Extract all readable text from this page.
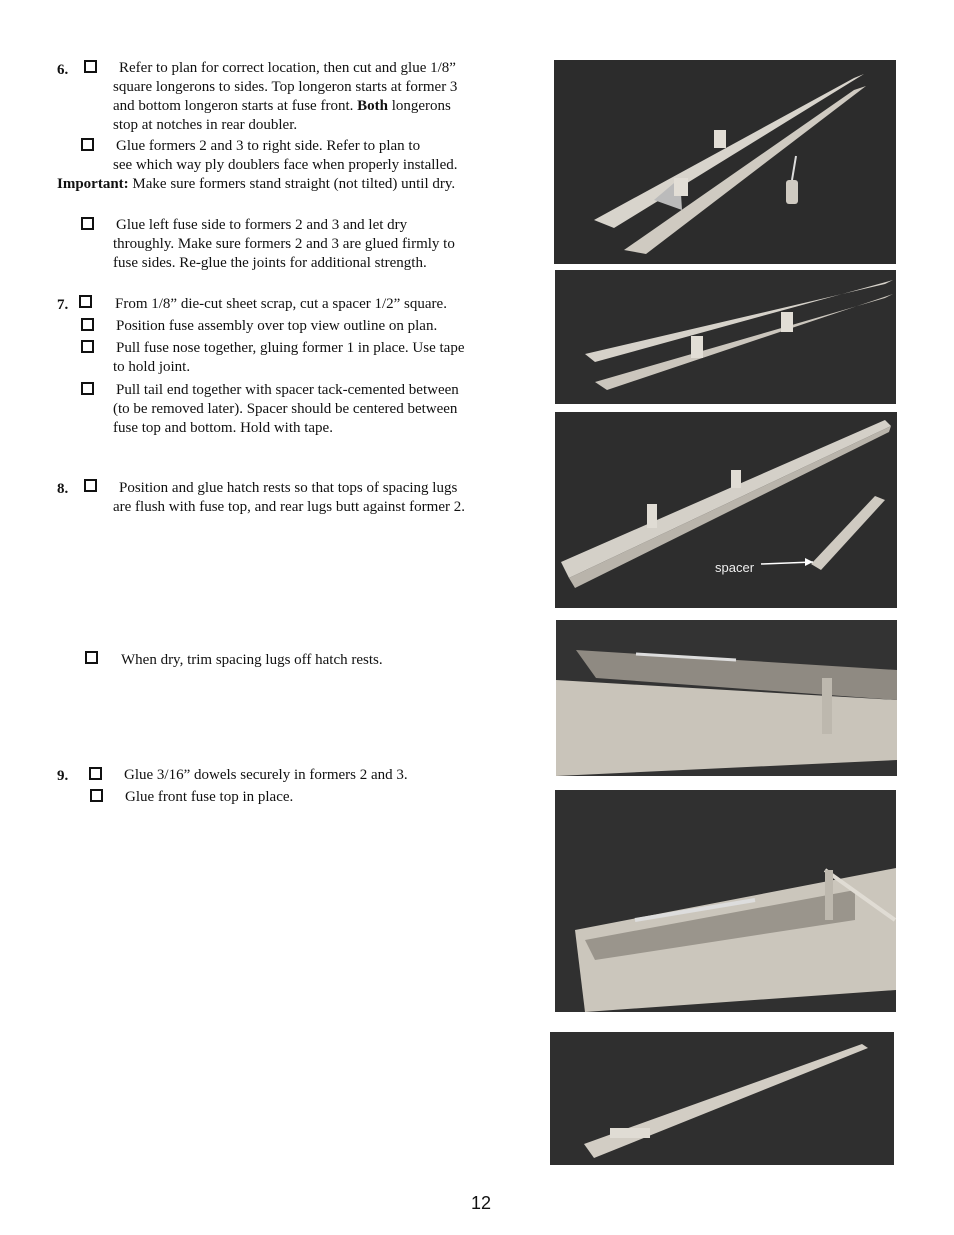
6.	Refer to plan for correct location, then cut and glue 1/8”
square longerons to sides. Top longeron starts at former 3
and bottom longeron starts at fuse front. Both longerons
stop at notches in rear doubler.
Glue formers 2 and 3 to right side. Refer to plan to
see which way ply doublers face when properly installed.
Important: Make sure formers stand straight (not tilted) until dry.
Glue left fuse side to formers 2 and 3 and let dry
throughly. Make sure formers 2 and 3 are glued firmly to
fuse sides. Re-glue the joints for additional strength.
7.	From 1/8” die-cut sheet scrap, cut a spacer 1/2” square.
Position fuse assembly over top view outline on plan.
Pull fuse nose together, gluing former 1 in place. Use tape
to hold joint.
Pull tail end together with spacer tack-cemented between
(to be removed later). Spacer should be centered between
fuse top and bottom. Hold with tape.
8.	Position and glue hatch rests so that tops of spacing lugs
are flush with fuse top, and rear lugs butt against former 2.
When dry, trim spacing lugs off hatch rests.
9.	Glue 3/16” dowels securely in formers 2 and 3.
Glue front fuse top in place.
spacer
12
